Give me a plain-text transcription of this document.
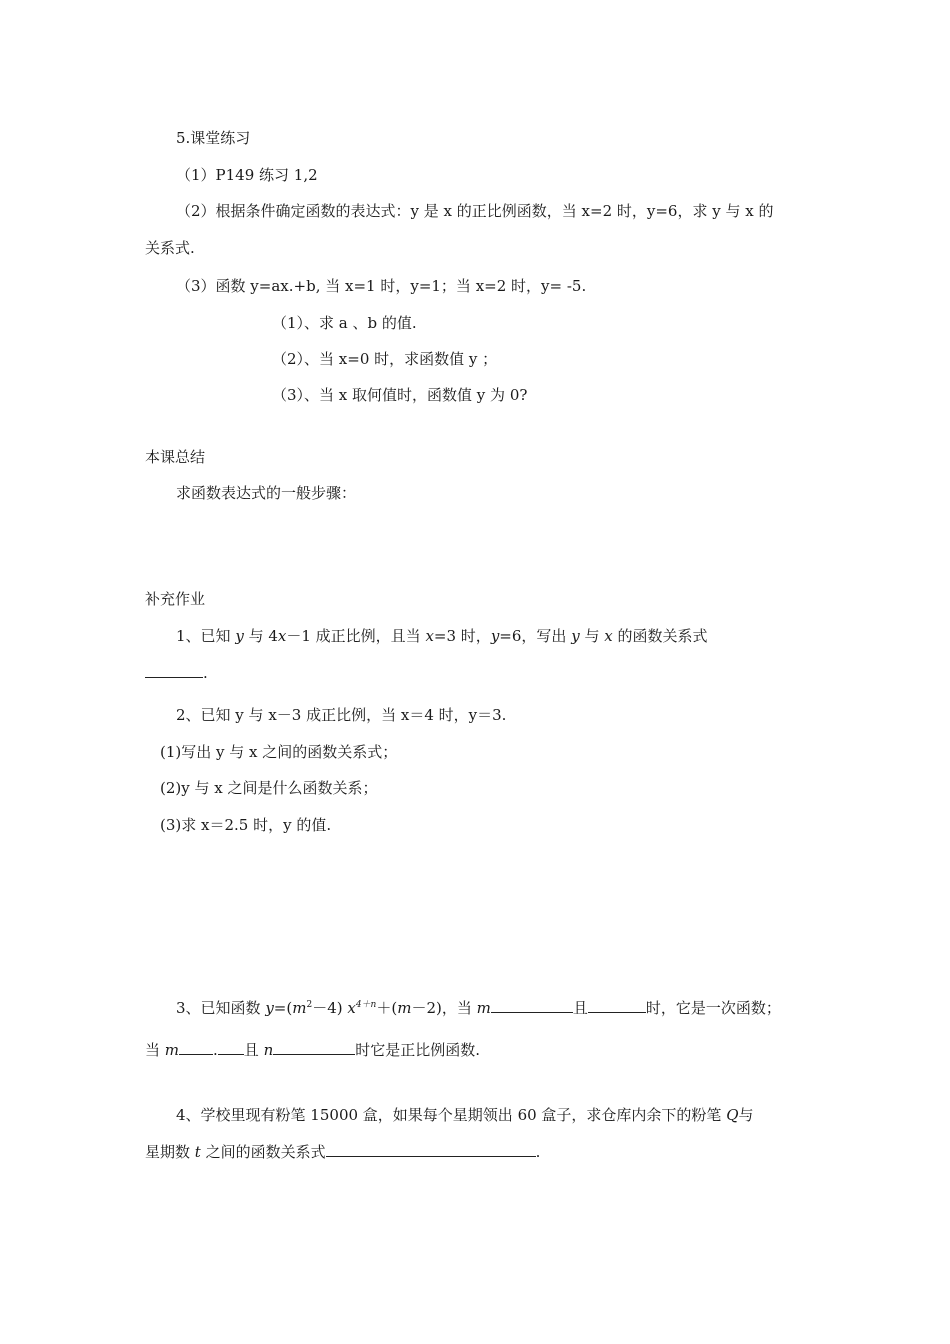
5.课堂练习
（1）P149 练习 1,2
（2）根据条件确定函数的表达式：y 是 x 的正比例函数，当 x=2 时，y=6，求 y 与 x 的
关系式.
（3）函数 y=ax.+b, 当 x=1 时，y=1；当 x=2 时，y= -5.
（1）、求 a 、b 的值.
（2）、当 x=0 时，求函数值 y ；
（3）、当 x 取何值时，函数值 y 为 0?
本课总结
求函数表达式的一般步骤：
补充作业
1、已知 y 与 4x－1 成正比例，且当 x=3 时，y=6，写出 y 与 x 的函数关系式
.
2、已知 y 与 x－3 成正比例，当 x＝4 时，y＝3.
(1)写出 y 与 x 之间的函数关系式；
(2)y 与 x 之间是什么函数关系；
(3)求 x＝2.5 时，y 的值.
3、已知函数 $y=(m^2-4)$ $x^{4+n}+(m-2)$，当 m	且	时，它是一次函数；
当 m . 且 n	时它是正比例函数.
4、学校里现有粉笔 15000 盒，如果每个星期领出 60 盒子，求仓库内余下的粉笔 Q与
星期数 t 之间的函数关系式	.
